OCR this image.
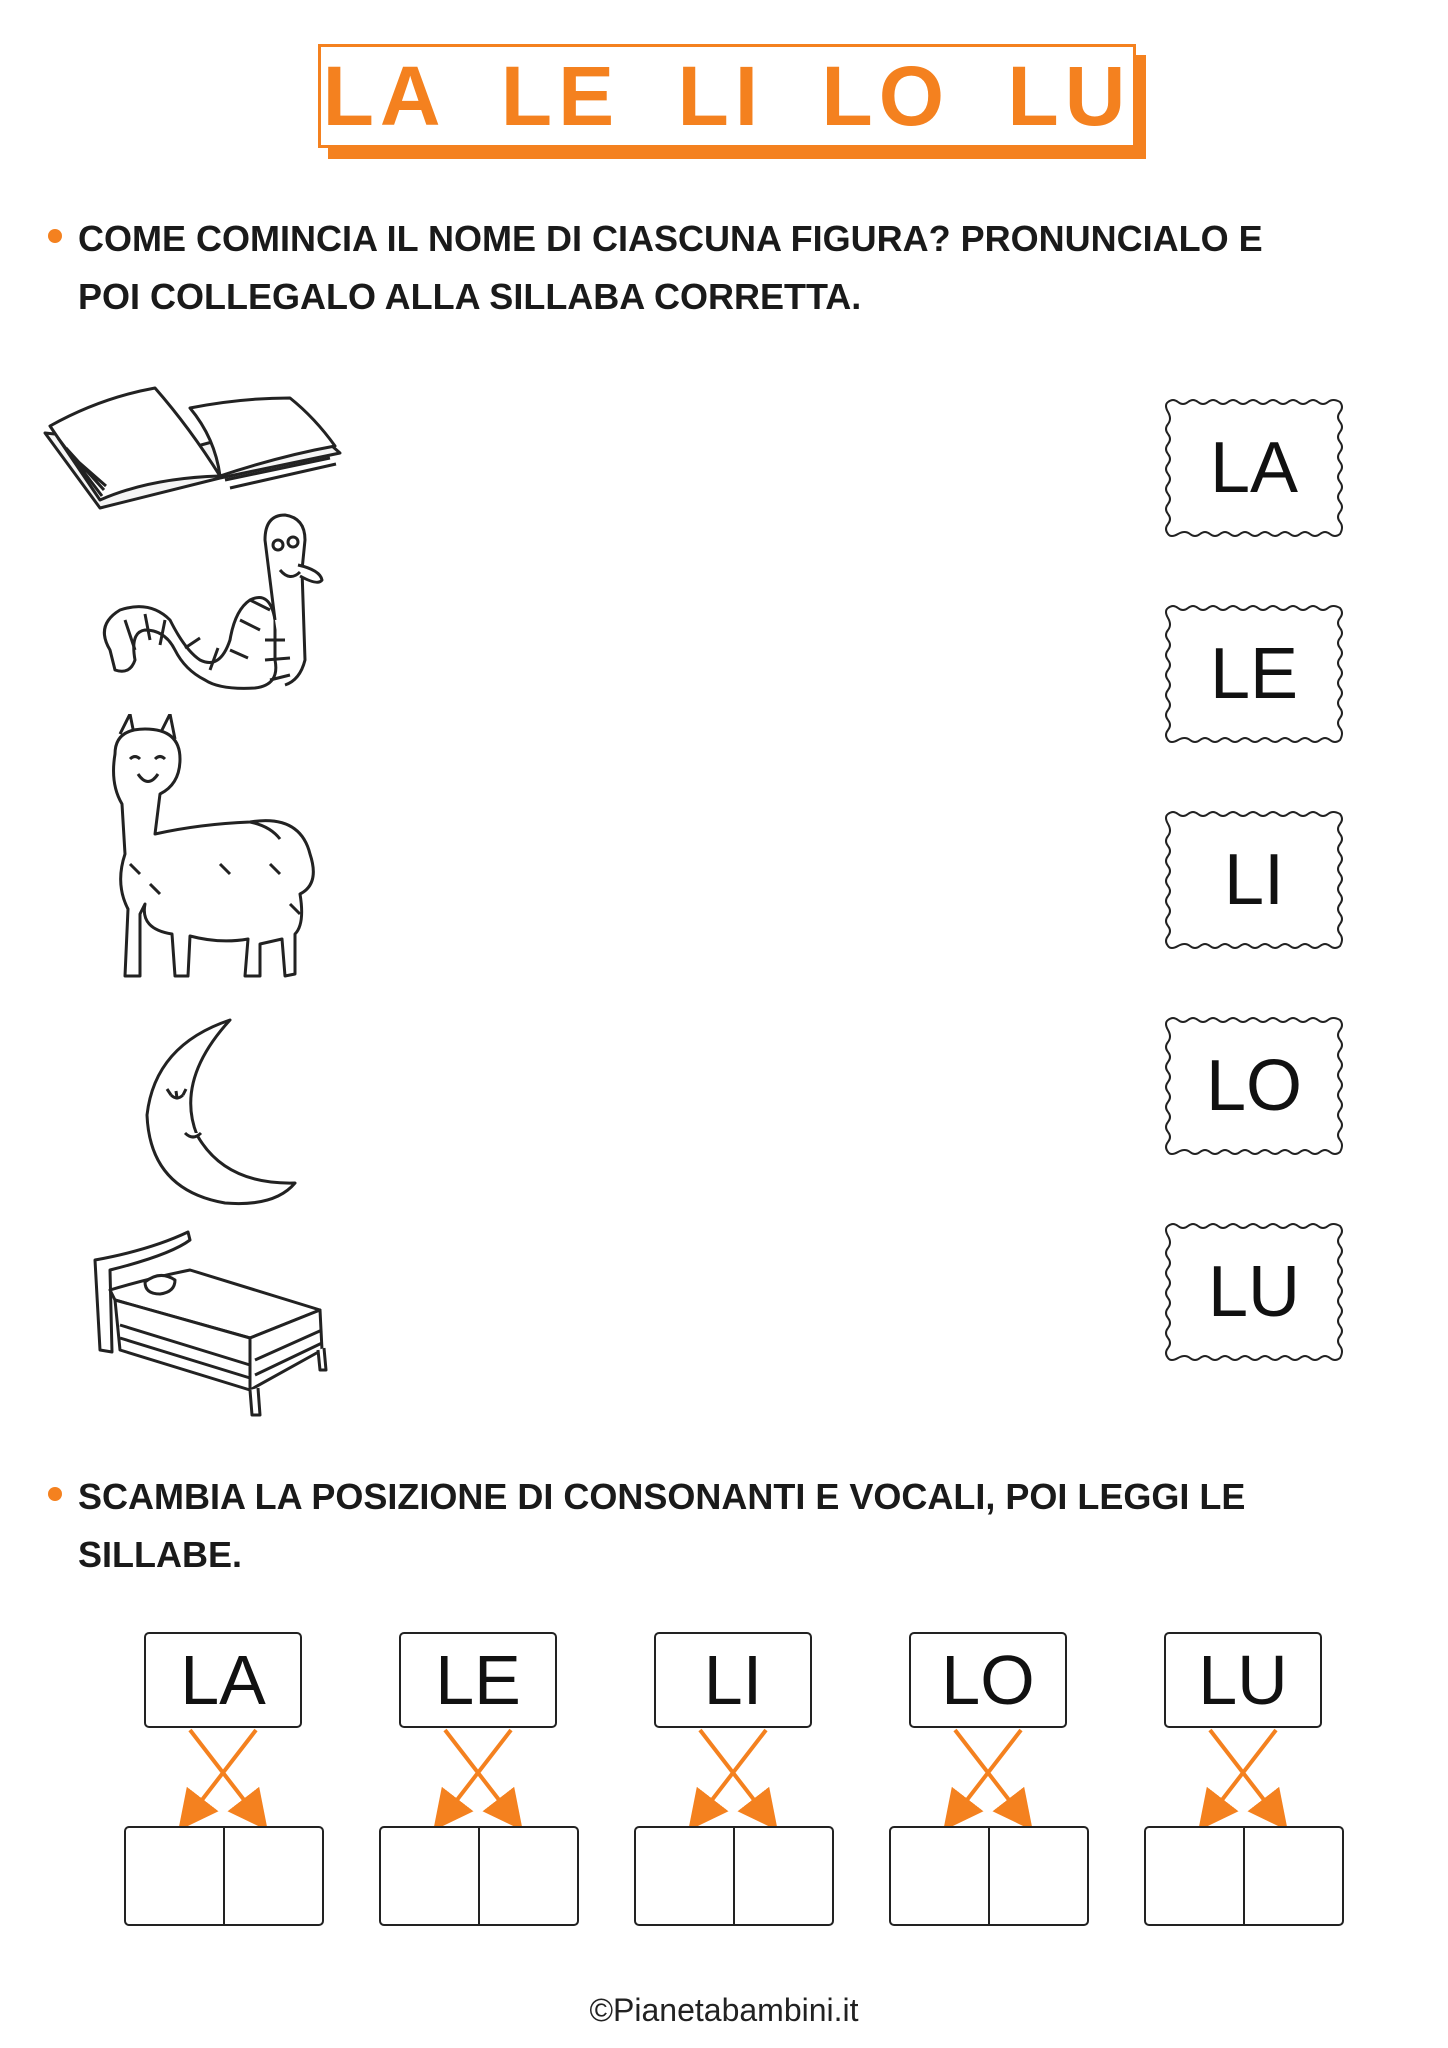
LA LE LI LO LU
COME COMINCIA IL NOME DI CIASCUNA FIGURA? PRONUNCIALO E
POI COLLEGALO ALLA SILLABA CORRETTA.
LA
LE
LI
LO
LU
SCAMBIA LA POSIZIONE DI CONSONANTI E VOCALI, POI LEGGI LE
SILLABE.
LA	LE	LI	LO	LU
©Pianetabambini.it
